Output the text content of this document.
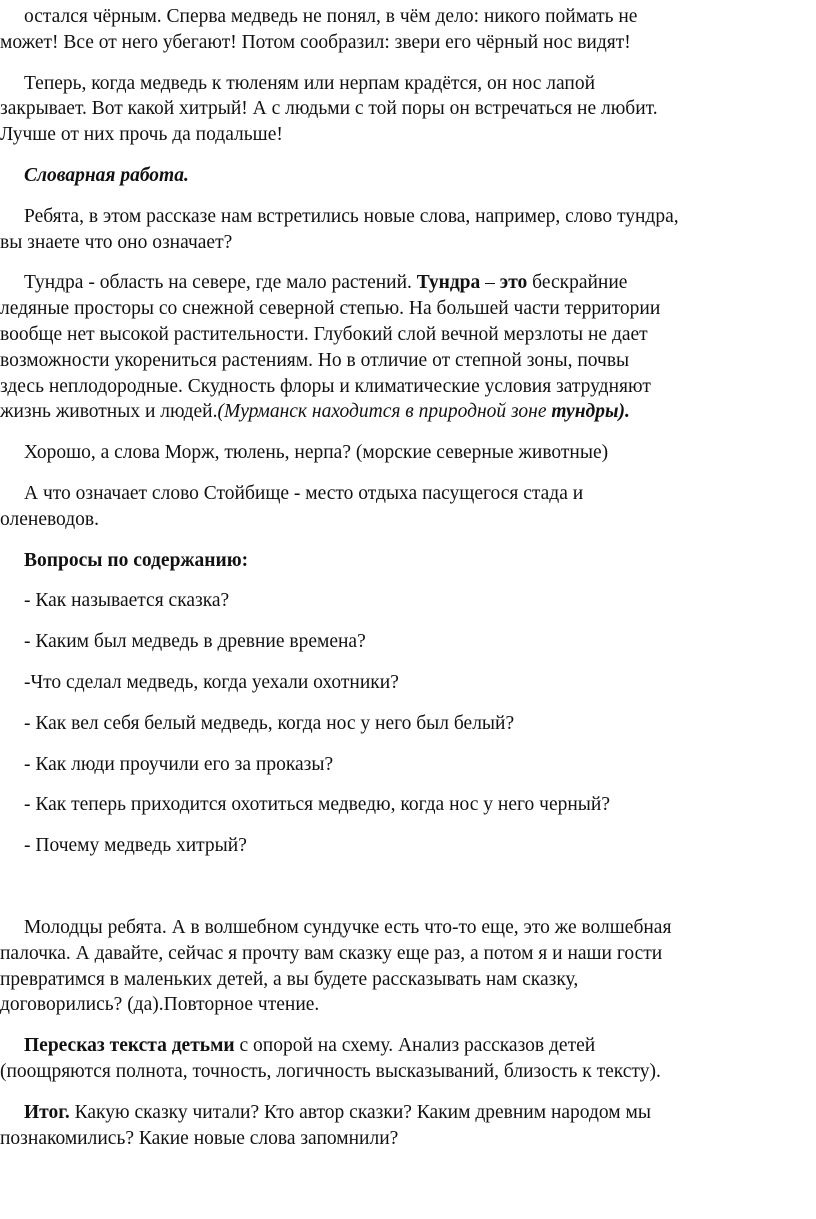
остался чёрным. Сперва медведь не понял, в чём дело: никого поймать не
может! Все от него убегают! Потом сообразил: звери его чёрный нос видят!
Теперь, когда медведь к тюленям или нерпам крадётся, он нос лапой
закрывает. Вот какой хитрый! А с людьми с той поры он встречаться не любит.
Лучше от них прочь да подальше!
Словарная работа.
Ребята, в этом рассказе нам встретились новые слова, например, слово тундра,
вы знаете что оно означает?
Тундра - область на севере, где мало растений. Тундра – это бескрайние
ледяные просторы со снежной северной степью. На большей части территории
вообще нет высокой растительности. Глубокий слой вечной мерзлоты не дает
возможности укорениться растениям. Но в отличие от степной зоны, почвы
здесь неплодородные. Скудность флоры и климатические условия затрудняют
жизнь животных и людей.(Мурманск находится в природной зоне тундры).
Хорошо, а слова Морж, тюлень, нерпа? (морские северные животные)
А что означает слово Стойбище - место отдыха пасущегося стада и
оленеводов.
Вопросы по содержанию:
- Как называется сказка?
- Каким был медведь в древние времена?
-Что сделал медведь, когда уехали охотники?
- Как вел себя белый медведь, когда нос у него был белый?
- Как люди проучили его за проказы?
- Как теперь приходится охотиться медведю, когда нос у него черный?
- Почему медведь хитрый?
Молодцы ребята. А в волшебном сундучке есть что-то еще, это же волшебная
палочка. А давайте, сейчас я прочту вам сказку еще раз, а потом я и наши гости
превратимся в маленьких детей, а вы будете рассказывать нам сказку,
договорились? (да).Повторное чтение.
Пересказ текста детьми с опорой на схему. Анализ рассказов детей
(поощряются полнота, точность, логичность высказываний, близость к тексту).
Итог. Какую сказку читали? Кто автор сказки? Каким древним народом мы
познакомились? Какие новые слова запомнили?
